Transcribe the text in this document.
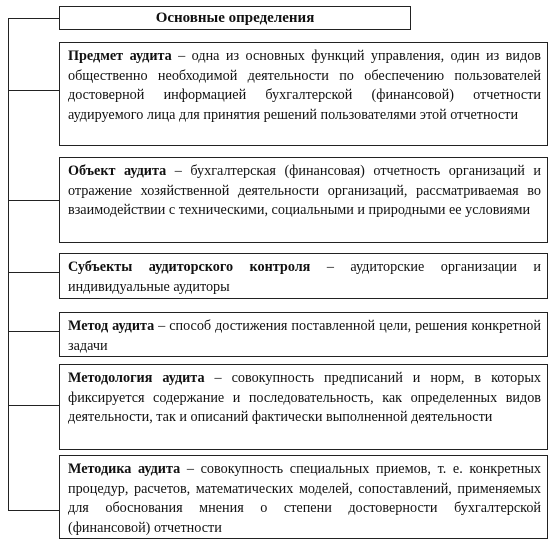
Основные определения
Предмет аудита – одна из основных функций управления, один из видов общественно необходимой деятельности по обеспечению пользователей достоверной информацией бухгалтерской (финансовой) отчетности аудируемого лица для принятия решений пользователями этой отчетности
Объект аудита – бухгалтерская (финансовая) отчетность организаций и отражение хозяйственной деятельности организаций, рассматриваемая во взаимодействии с техническими, социальными и природными ее условиями
Субъекты аудиторского контроля – аудиторские организации и индивидуальные аудиторы
Метод аудита – способ достижения поставленной цели, решения конкретной задачи
Методология аудита – совокупность предписаний и норм, в которых фиксируется содержание и последовательность, как определенных видов деятельности, так и описаний фактически выполненной деятельности
Методика аудита – совокупность специальных приемов, т. е. конкретных процедур, расчетов, математических моделей, сопоставлений, применяемых для обоснования мнения о степени достоверности бухгалтерской (финансовой) отчетности
